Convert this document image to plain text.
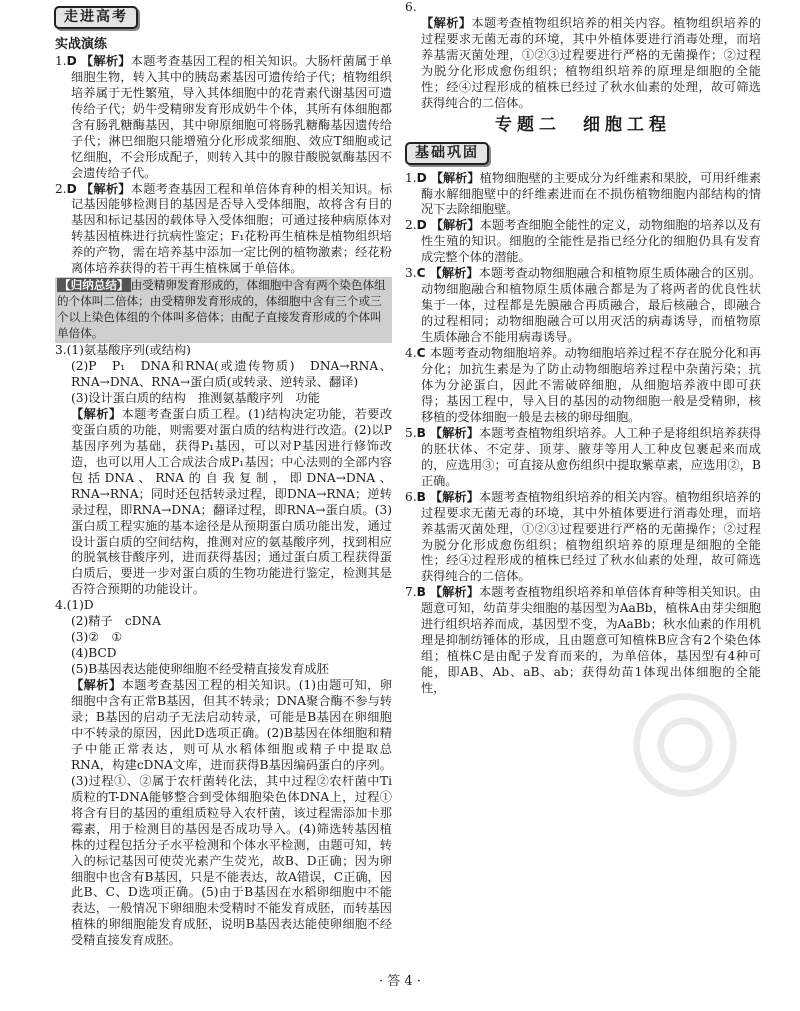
走进高考
实战演练
1.D 【解析】本题考查基因工程的相关知识。大肠杆菌属于单细胞生物，转入其中的胰岛素基因可遗传给子代；植物组织培养属于无性繁殖，导入其体细胞中的花青素代谢基因可遗传给子代；奶牛受精卵发育形成奶牛个体，其所有体细胞都含有肠乳糖酶基因，其中卵原细胞可将肠乳糖酶基因遗传给子代；淋巴细胞只能增殖分化形成浆细胞、效应T细胞或记忆细胞，不会形成配子，则转入其中的腺苷酸脱氨酶基因不会遗传给子代。
2.D 【解析】本题考查基因工程和单倍体育种的相关知识。标记基因能够检测目的基因是否导入受体细胞，故将含有目的基因和标记基因的载体导入受体细胞；可通过接种病原体对转基因植株进行抗病性鉴定；F₁花粉再生植株是植物组织培养的产物，需在培养基中添加一定比例的植物激素；经花粉离体培养获得的若干再生植株属于单倍体。
【归纳总结】 由受精卵发育形成的，体细胞中含有两个染色体组的个体叫二倍体；由受精卵发育形成的，体细胞中含有三个或三个以上染色体组的个体叫多倍体；由配子直接发育形成的个体叫单倍体。
3.(1)氨基酸序列(或结构)
(2)P　P₁　DNA和RNA(或遗传物质)　DNA→RNA、RNA→DNA、RNA→蛋白质(或转录、逆转录、翻译)
(3)设计蛋白质的结构　推测氨基酸序列　功能
【解析】本题考查蛋白质工程。(1)结构决定功能，若要改变蛋白质的功能，则需要对蛋白质的结构进行改造。(2)以P基因序列为基础，获得P₁基因，可以对P基因进行修饰改造，也可以用人工合成法合成P₁基因；中心法则的全部内容包括DNA、RNA的自我复制，即DNA→DNA、RNA→RNA；同时还包括转录过程，即DNA→RNA；逆转录过程，即RNA→DNA；翻译过程，即RNA→蛋白质。(3)蛋白质工程实施的基本途径是从预期蛋白质功能出发，通过设计蛋白质的空间结构，推测对应的氨基酸序列，找到相应的脱氧核苷酸序列，进而获得基因；通过蛋白质工程获得蛋白质后，要进一步对蛋白质的生物功能进行鉴定，检测其是否符合预期的功能设计。
4.(1)D
(2)精子　cDNA
(3)②　①
(4)BCD
(5)B基因表达能使卵细胞不经受精直接发育成胚
【解析】本题考查基因工程的相关知识。(1)由题可知，卵细胞中含有正常B基因，但其不转录；DNA聚合酶不参与转录；B基因的启动子无法启动转录，可能是B基因在卵细胞中不转录的原因，因此D选项正确。(2)B基因在体细胞和精子中能正常表达，则可从水稻体细胞或精子中提取总RNA，构建cDNA文库，进而获得B基因编码蛋白的序列。(3)过程①、②属于农杆菌转化法，其中过程②农杆菌中Ti质粒的T-DNA能够整合到受体细胞染色体DNA上，过程①将含有目的基因的重组质粒导入农杆菌，该过程需添加卡那霉素，用于检测目的基因是否成功导入。(4)筛选转基因植株的过程包括分子水平检测和个体水平检测，由题可知，转入的标记基因可使荧光素产生荧光，故B、D正确；因为卵细胞中也含有B基因，只是不能表达，故A错误，C正确，因此B、C、D选项正确。(5)由于B基因在水稻卵细胞中不能表达，一般情况下卵细胞未受精时不能发育成胚，而转基因植株的卵细胞能发育成胚，说明B基因表达能使卵细胞不经受精直接发育成胚。
6.
【解析】本题考查植物组织培养的相关内容。植物组织培养的过程要求无菌无毒的环境，其中外植体要进行消毒处理，而培养基需灭菌处理，①②③过程要进行严格的无菌操作；②过程为脱分化形成愈伤组织；植物组织培养的原理是细胞的全能性；经④过程形成的植株已经过了秋水仙素的处理，故可筛选获得纯合的二倍体。
专题二　细胞工程
基础巩固
1.D 【解析】植物细胞壁的主要成分为纤维素和果胶，可用纤维素酶水解细胞壁中的纤维素进而在不损伤植物细胞内部结构的情况下去除细胞壁。
2.D 【解析】本题考查细胞全能性的定义，动物细胞的培养以及有性生殖的知识。细胞的全能性是指已经分化的细胞仍具有发育成完整个体的潜能。
3.C 【解析】本题考查动物细胞融合和植物原生质体融合的区别。动物细胞融合和植物原生质体融合都是为了将两者的优良性状集于一体，过程都是先膜融合再质融合，最后核融合，即融合的过程相同；动物细胞融合可以用灭活的病毒诱导，而植物原生质体融合不能用病毒诱导。
4.C 本题考查动物细胞培养。动物细胞培养过程不存在脱分化和再分化；加抗生素是为了防止动物细胞培养过程中杂菌污染；抗体为分泌蛋白，因此不需破碎细胞，从细胞培养液中即可获得；基因工程中，导入目的基因的动物细胞一般是受精卵，核移植的受体细胞一般是去核的卵母细胞。
5.B 【解析】本题考查植物组织培养。人工种子是将组织培养获得的胚状体、不定芽、顶芽、腋芽等用人工种皮包裹起来而成的，应选用③；可直接从愈伤组织中提取紫草素，应选用②，B正确。
6.B 【解析】本题考查植物组织培养的相关内容。植物组织培养的过程要求无菌无毒的环境，其中外植体要进行消毒处理，而培养基需灭菌处理，①②③过程要进行严格的无菌操作；②过程为脱分化形成愈伤组织；植物组织培养的原理是细胞的全能性；经④过程形成的植株已经过了秋水仙素的处理，故可筛选获得纯合的二倍体。
7.B 【解析】本题考查植物组织培养和单倍体育种等相关知识。由题意可知，幼苗芽尖细胞的基因型为AaBb，植株A由芽尖细胞进行组织培养而成，基因型不变，为AaBb；秋水仙素的作用机理是抑制纺锤体的形成，且由题意可知植株B应含有2个染色体组；植株C是由配子发育而来的，为单倍体，基因型有4种可能，即AB、Ab、aB、ab；获得幼苗1体现出体细胞的全能性，
· 答 4 ·
